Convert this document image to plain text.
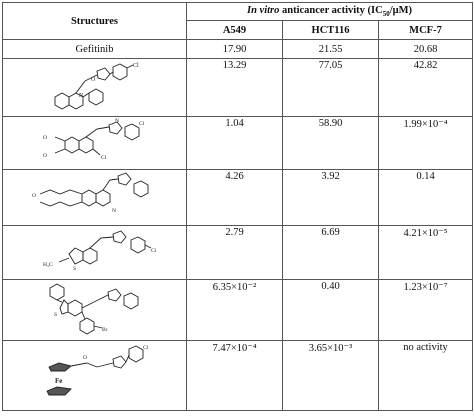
Structures	In vitro anticancer activity $(IC_{50}/\mu M)$		
	A549	HCT116	MCF-7
Gefitinib	17.90	21.55	20.68

N
Cl
O	13.29	77.05	42.82

O
O Cl
Cl
N	1.04	58.90	1.99×10⁻⁴

N
O	4.26	3.92	0.14

H₃C
S
Cl	2.79	6.69	4.21×10⁻⁵

S
Br	6.35×10⁻²	0.40	1.23×10⁻⁷

Fe
Cl
O	7.47×10⁻⁴	3.65×10⁻³	no activity
